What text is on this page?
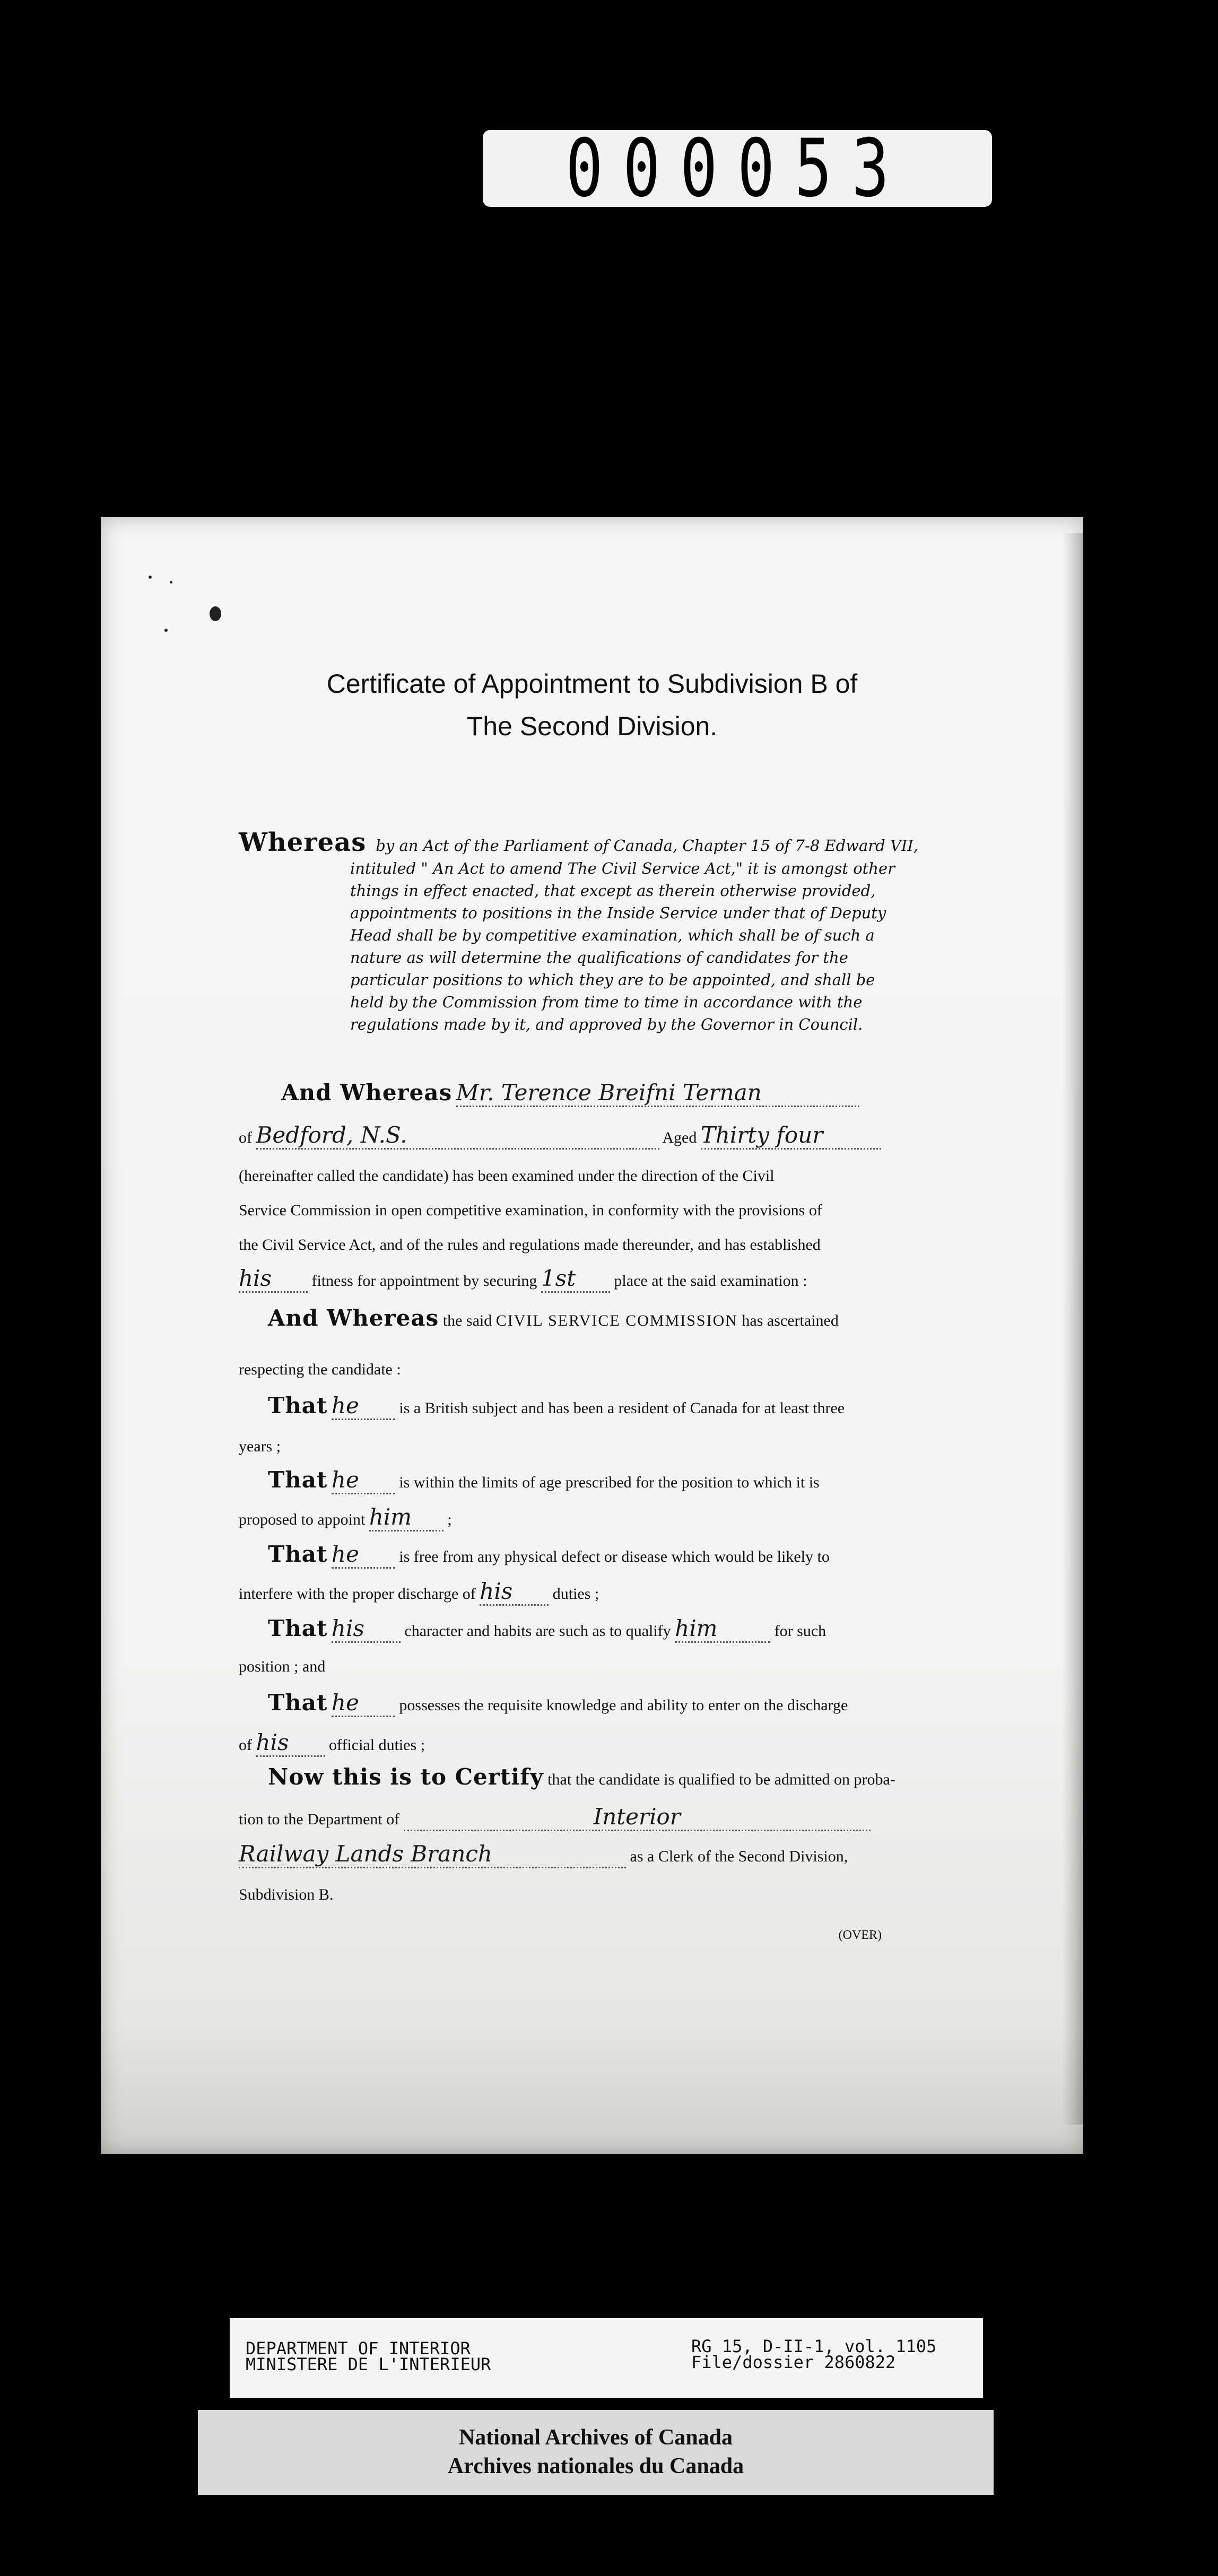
000053
Certificate of Appointment to Subdivision B of
The Second Division.
Whereas by an Act of the Parliament of Canada, Chapter 15 of 7-8 Edward VII,
intituled " An Act to amend The Civil Service Act," it is amongst other
things in effect enacted, that except as therein otherwise provided,
appointments to positions in the Inside Service under that of Deputy
Head shall be by competitive examination, which shall be of such a
nature as will determine the qualifications of candidates for the
particular positions to which they are to be appointed, and shall be
held by the Commission from time to time in accordance with the
regulations made by it, and approved by the Governor in Council.
And Whereas Mr. Terence Breifni Ternan
of Bedford, N.S.	Aged Thirty four
(hereinafter called the candidate) has been examined under the direction of the Civil
Service Commission in open competitive examination, in conformity with the provisions of
the Civil Service Act, and of the rules and regulations made thereunder, and has established
his	fitness for appointment by securing 1st place at the said examination :
And Whereas the said CIVIL SERVICE COMMISSION has ascertained
respecting the candidate :
That he	is a British subject and has been a resident of Canada for at least three
years ;
That he	is within the limits of age prescribed for the position to which it is
proposed to appoint him ;
That he	is free from any physical defect or disease which would be likely to
interfere with the proper discharge of his	duties ;
That his	character and habits are such as to qualify him	for such
position ; and
That he	possesses the requisite knowledge and ability to enter on the discharge
of his	official duties ;
Now this is to Certify that the candidate is qualified to be admitted on proba-
tion to the Department of	Interior
Railway Lands Branch	as a Clerk of the Second Division,
Subdivision B.
(OVER)
DEPARTMENT OF INTERIOR
MINISTERE DE L'INTERIEUR
RG 15, D-II-1, vol. 1105
File/dossier 2860822
National Archives of Canada
Archives nationales du Canada
